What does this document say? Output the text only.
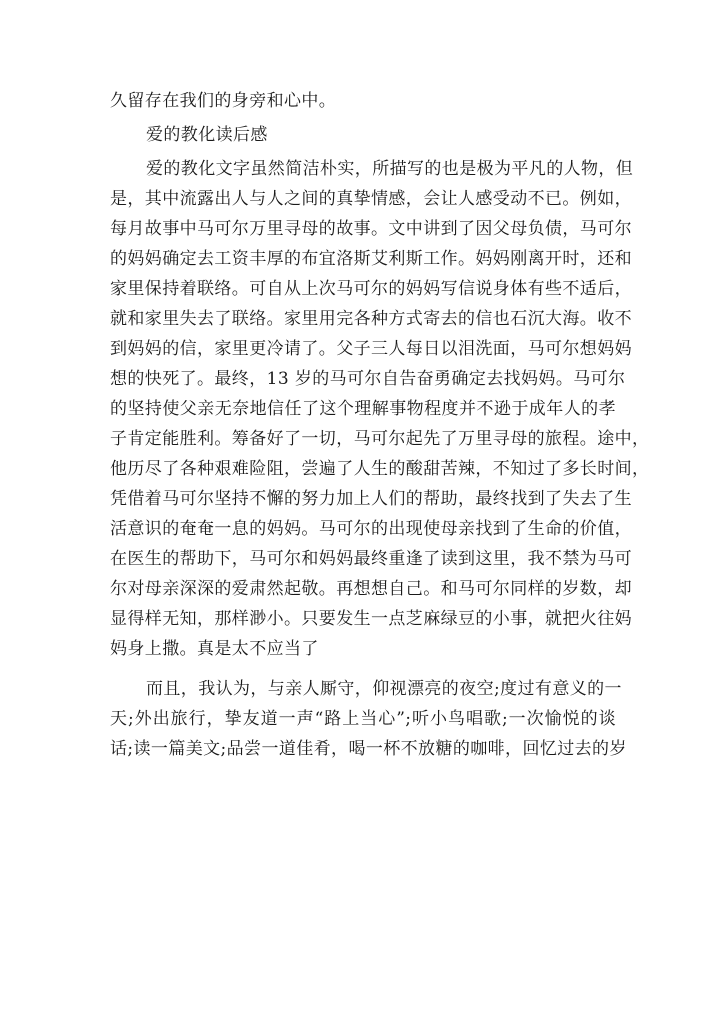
久留存在我们的身旁和心中。
爱的教化读后感
爱的教化文字虽然简洁朴实，所描写的也是极为平凡的人物，但
是，其中流露出人与人之间的真挚情感，会让人感受动不已。例如，
每月故事中马可尔万里寻母的故事。文中讲到了因父母负债，马可尔
的妈妈确定去工资丰厚的布宜洛斯艾利斯工作。妈妈刚离开时，还和
家里保持着联络。可自从上次马可尔的妈妈写信说身体有些不适后，
就和家里失去了联络。家里用完各种方式寄去的信也石沉大海。收不
到妈妈的信，家里更冷请了。父子三人每日以泪洗面，马可尔想妈妈
想的快死了。最终，13 岁的马可尔自告奋勇确定去找妈妈。马可尔
的坚持使父亲无奈地信任了这个理解事物程度并不逊于成年人的孝
子肯定能胜利。筹备好了一切，马可尔起先了万里寻母的旅程。途中，
他历尽了各种艰难险阻，尝遍了人生的酸甜苦辣，不知过了多长时间，
凭借着马可尔坚持不懈的努力加上人们的帮助，最终找到了失去了生
活意识的奄奄一息的妈妈。马可尔的出现使母亲找到了生命的价值，
在医生的帮助下，马可尔和妈妈最终重逢了读到这里，我不禁为马可
尔对母亲深深的爱肃然起敬。再想想自己。和马可尔同样的岁数，却
显得样无知，那样渺小。只要发生一点芝麻绿豆的小事，就把火往妈
妈身上撒。真是太不应当了
而且，我认为，与亲人厮守，仰视漂亮的夜空;度过有意义的一
天;外出旅行，挚友道一声“路上当心”;听小鸟唱歌;一次愉悦的谈
话;读一篇美文;品尝一道佳肴，喝一杯不放糖的咖啡，回忆过去的岁
